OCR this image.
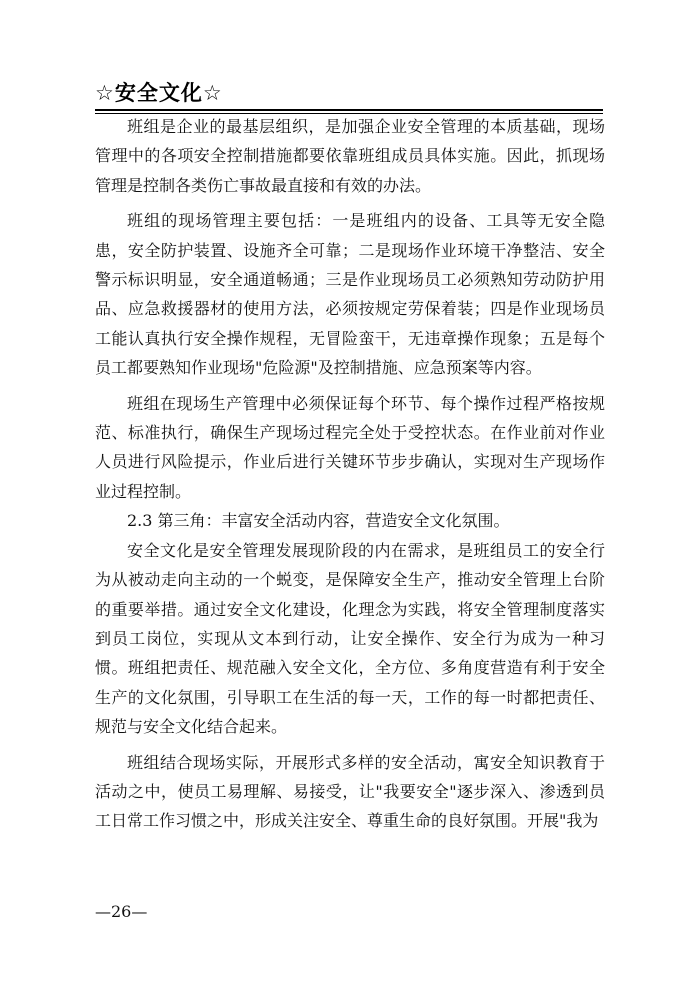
☆安全文化☆

班组是企业的最基层组织，是加强企业安全管理的本质基础，现场管理中的各项安全控制措施都要依靠班组成员具体实施。因此，抓现场管理是控制各类伤亡事故最直接和有效的办法。

班组的现场管理主要包括：一是班组内的设备、工具等无安全隐患，安全防护装置、设施齐全可靠；二是现场作业环境干净整洁、安全警示标识明显，安全通道畅通；三是作业现场员工必须熟知劳动防护用品、应急救援器材的使用方法，必须按规定劳保着装；四是作业现场员工能认真执行安全操作规程，无冒险蛮干，无违章操作现象；五是每个员工都要熟知作业现场"危险源"及控制措施、应急预案等内容。

班组在现场生产管理中必须保证每个环节、每个操作过程严格按规范、标准执行，确保生产现场过程完全处于受控状态。在作业前对作业人员进行风险提示，作业后进行关键环节步步确认，实现对生产现场作业过程控制。

2.3 第三角：丰富安全活动内容，营造安全文化氛围。

安全文化是安全管理发展现阶段的内在需求，是班组员工的安全行为从被动走向主动的一个蜕变，是保障安全生产，推动安全管理上台阶的重要举措。通过安全文化建设，化理念为实践，将安全管理制度落实到员工岗位，实现从文本到行动，让安全操作、安全行为成为一种习惯。班组把责任、规范融入安全文化，全方位、多角度营造有利于安全生产的文化氛围，引导职工在生活的每一天，工作的每一时都把责任、规范与安全文化结合起来。

班组结合现场实际，开展形式多样的安全活动，寓安全知识教育于活动之中，使员工易理解、易接受，让"我要安全"逐步深入、渗透到员工日常工作习惯之中，形成关注安全、尊重生命的良好氛围。开展"我为

—26—
